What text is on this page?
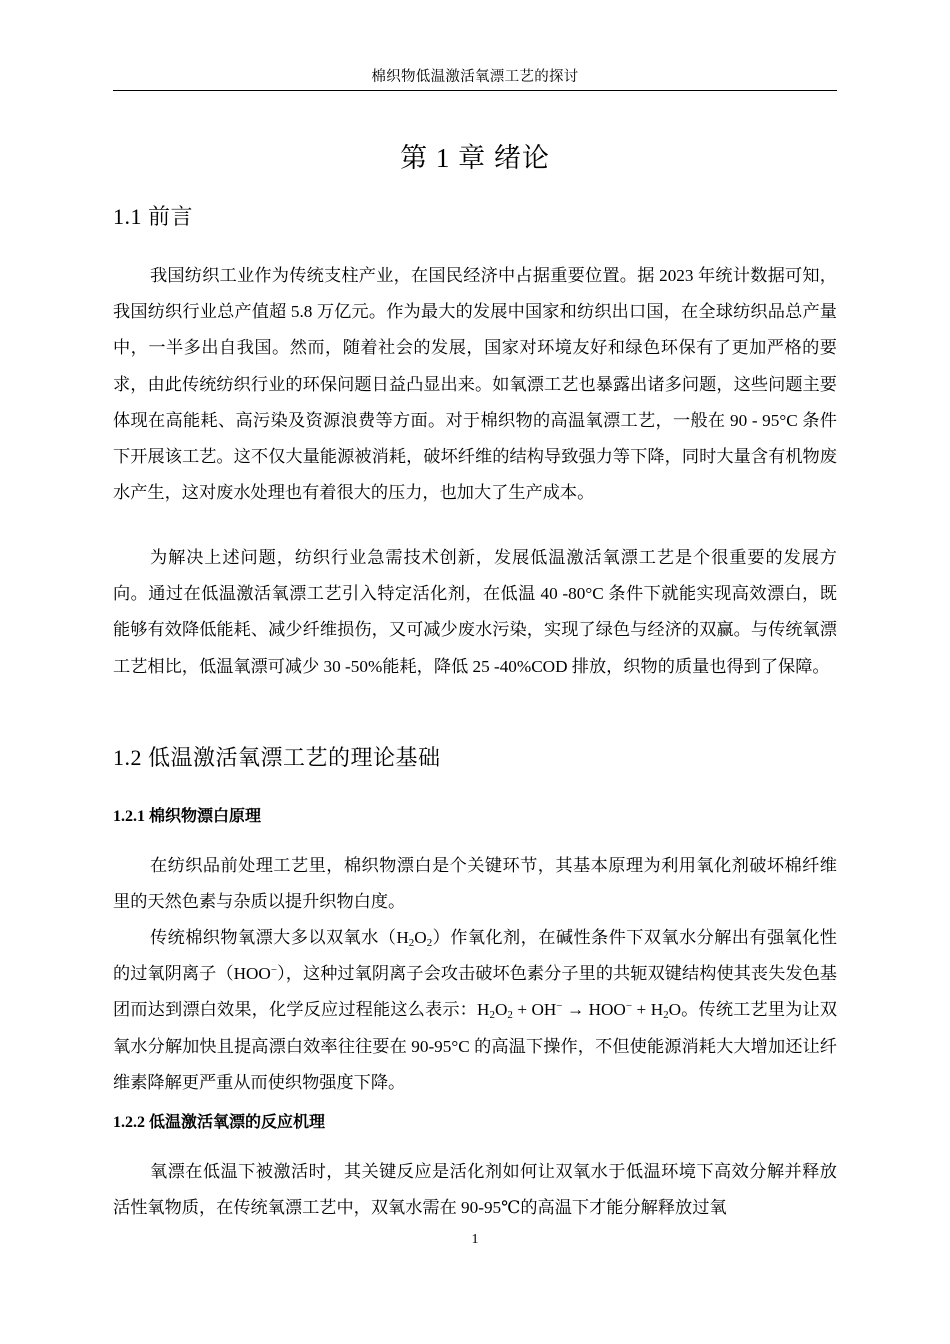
棉织物低温激活氧漂工艺的探讨
第 1 章 绪论
1.1 前言

我国纺织工业作为传统支柱产业，在国民经济中占据重要位置。据 2023 年统计数据可知，我国纺织行业总产值超 5.8 万亿元。作为最大的发展中国家和纺织出口国，在全球纺织品总产量中，一半多出自我国。然而，随着社会的发展，国家对环境友好和绿色环保有了更加严格的要求，由此传统纺织行业的环保问题日益凸显出来。如氧漂工艺也暴露出诸多问题，这些问题主要体现在高能耗、高污染及资源浪费等方面。对于棉织物的高温氧漂工艺，一般在 90 - 95°C 条件下开展该工艺。这不仅大量能源被消耗，破坏纤维的结构导致强力等下降，同时大量含有机物废水产生，这对废水处理也有着很大的压力，也加大了生产成本。

为解决上述问题，纺织行业急需技术创新，发展低温激活氧漂工艺是个很重要的发展方向。通过在低温激活氧漂工艺引入特定活化剂，在低温 40 -80°C 条件下就能实现高效漂白，既能够有效降低能耗、减少纤维损伤，又可减少废水污染，实现了绿色与经济的双赢。与传统氧漂工艺相比，低温氧漂可减少 30 -50%能耗，降低 25 -40%COD 排放，织物的质量也得到了保障。

1.2 低温激活氧漂工艺的理论基础
1.2.1 棉织物漂白原理

在纺织品前处理工艺里，棉织物漂白是个关键环节，其基本原理为利用氧化剂破坏棉纤维里的天然色素与杂质以提升织物白度。

传统棉织物氧漂大多以双氧水$(H_2O_2)$作氧化剂，在碱性条件下双氧水分解出有强氧化性的过氧阴离子（HOO−），这种过氧阴离子会攻击破坏色素分子里的共轭双键结构使其丧失发色基团而达到漂白效果，化学反应过程能这么表示：$H_2O_2 + OH^- \to HOO^- + H_2O$。传统工艺里为让双氧水分解加快且提高漂白效率往往要在 90-95°C 的高温下操作，不但使能源消耗大大增加还让纤维素降解更严重从而使织物强度下降。

1.2.2 低温激活氧漂的反应机理

氧漂在低温下被激活时，其关键反应是活化剂如何让双氧水于低温环境下高效分解并释放活性氧物质，在传统氧漂工艺中，双氧水需在 90-95℃的高温下才能分解释放过氧

1
